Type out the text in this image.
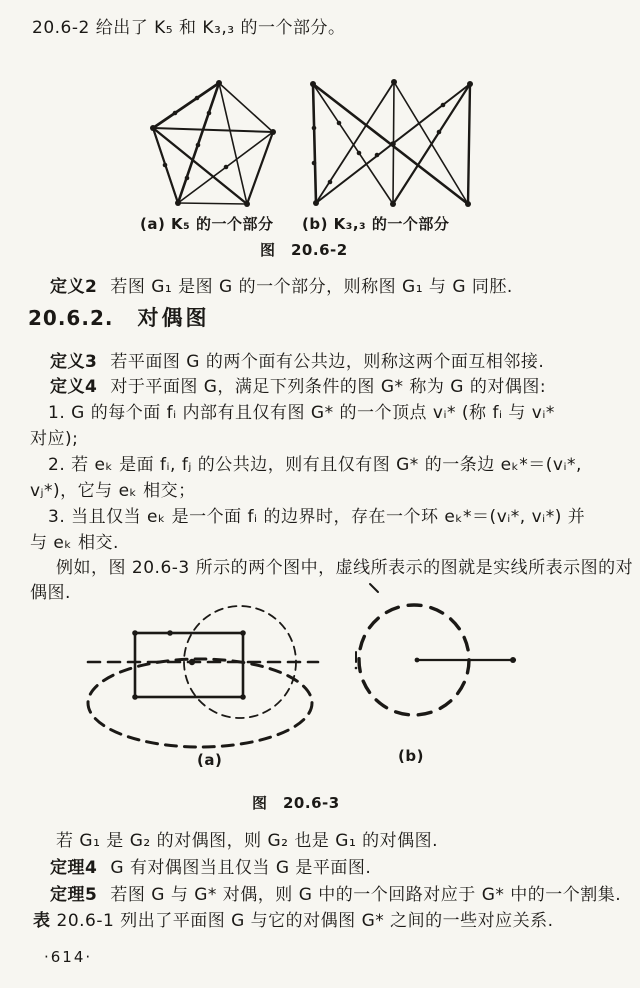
20.6-2 给出了 K₅ 和 K₃,₃ 的一个部分。
(a) K₅ 的一个部分 (b) K₃,₃ 的一个部分
图　20.6-2
定义2 若图 G₁ 是图 G 的一个部分，则称图 G₁ 与 G 同胚.
20.6.2. 对偶图
定义3 若平面图 G 的两个面有公共边，则称这两个面互相邻接.
定义4 对于平面图 G，满足下列条件的图 G* 称为 G 的对偶图:
1. G 的每个面 fᵢ 内部有且仅有图 G* 的一个顶点 vᵢ* (称 fᵢ 与 vᵢ*
对应);
2. 若 eₖ 是面 fᵢ, fⱼ 的公共边，则有且仅有图 G* 的一条边 eₖ*＝(vᵢ*,
vⱼ*)，它与 eₖ 相交；
3. 当且仅当 eₖ 是一个面 fᵢ 的边界时，存在一个环 eₖ*＝(vᵢ*, vᵢ*) 并
与 eₖ 相交.
例如，图 20.6-3 所示的两个图中，虚线所表示的图就是实线所表示图的对
偶图.
(a)	(b)
图　20.6-3
若 G₁ 是 G₂ 的对偶图，则 G₂ 也是 G₁ 的对偶图.
定理4 G 有对偶图当且仅当 G 是平面图.
定理5 若图 G 与 G* 对偶，则 G 中的一个回路对应于 G* 中的一个割集.
表 20.6-1 列出了平面图 G 与它的对偶图 G* 之间的一些对应关系.
·614·
